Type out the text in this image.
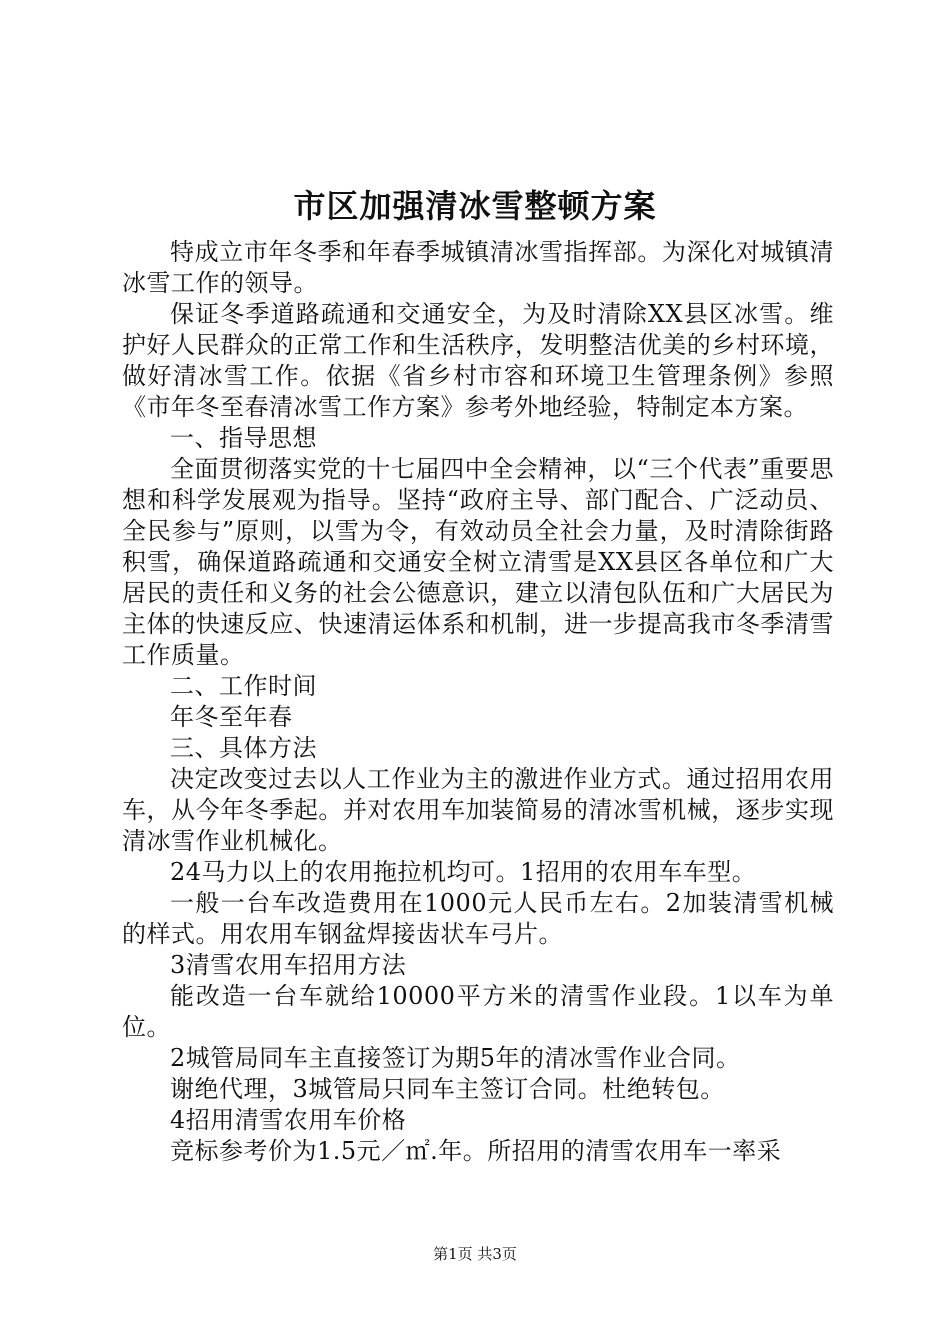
市区加强清冰雪整顿方案

特成立市年冬季和年春季城镇清冰雪指挥部。为深化对城镇清冰雪工作的领导。

保证冬季道路疏通和交通安全，为及时清除XX县区冰雪。维护好人民群众的正常工作和生活秩序，发明整洁优美的乡村环境，做好清冰雪工作。依据《省乡村市容和环境卫生管理条例》参照《市年冬至春清冰雪工作方案》参考外地经验，特制定本方案。

一、指导思想

全面贯彻落实党的十七届四中全会精神，以“三个代表”重要思想和科学发展观为指导。坚持“政府主导、部门配合、广泛动员、全民参与”原则，以雪为令，有效动员全社会力量，及时清除街路积雪，确保道路疏通和交通安全树立清雪是XX县区各单位和广大居民的责任和义务的社会公德意识，建立以清包队伍和广大居民为主体的快速反应、快速清运体系和机制，进一步提高我市冬季清雪工作质量。

二、工作时间

年冬至年春

三、具体方法

决定改变过去以人工作业为主的激进作业方式。通过招用农用车，从今年冬季起。并对农用车加装简易的清冰雪机械，逐步实现清冰雪作业机械化。

24马力以上的农用拖拉机均可。1招用的农用车车型。

一般一台车改造费用在1000元人民币左右。2加装清雪机械的样式。用农用车钢盆焊接齿状车弓片。

3清雪农用车招用方法

能改造一台车就给10000平方米的清雪作业段。1以车为单位。

2城管局同车主直接签订为期5年的清冰雪作业合同。

谢绝代理，3城管局只同车主签订合同。杜绝转包。

4招用清雪农用车价格

竞标参考价为1.5元／㎡.年。所招用的清雪农用车一率采

第1页 共3页
